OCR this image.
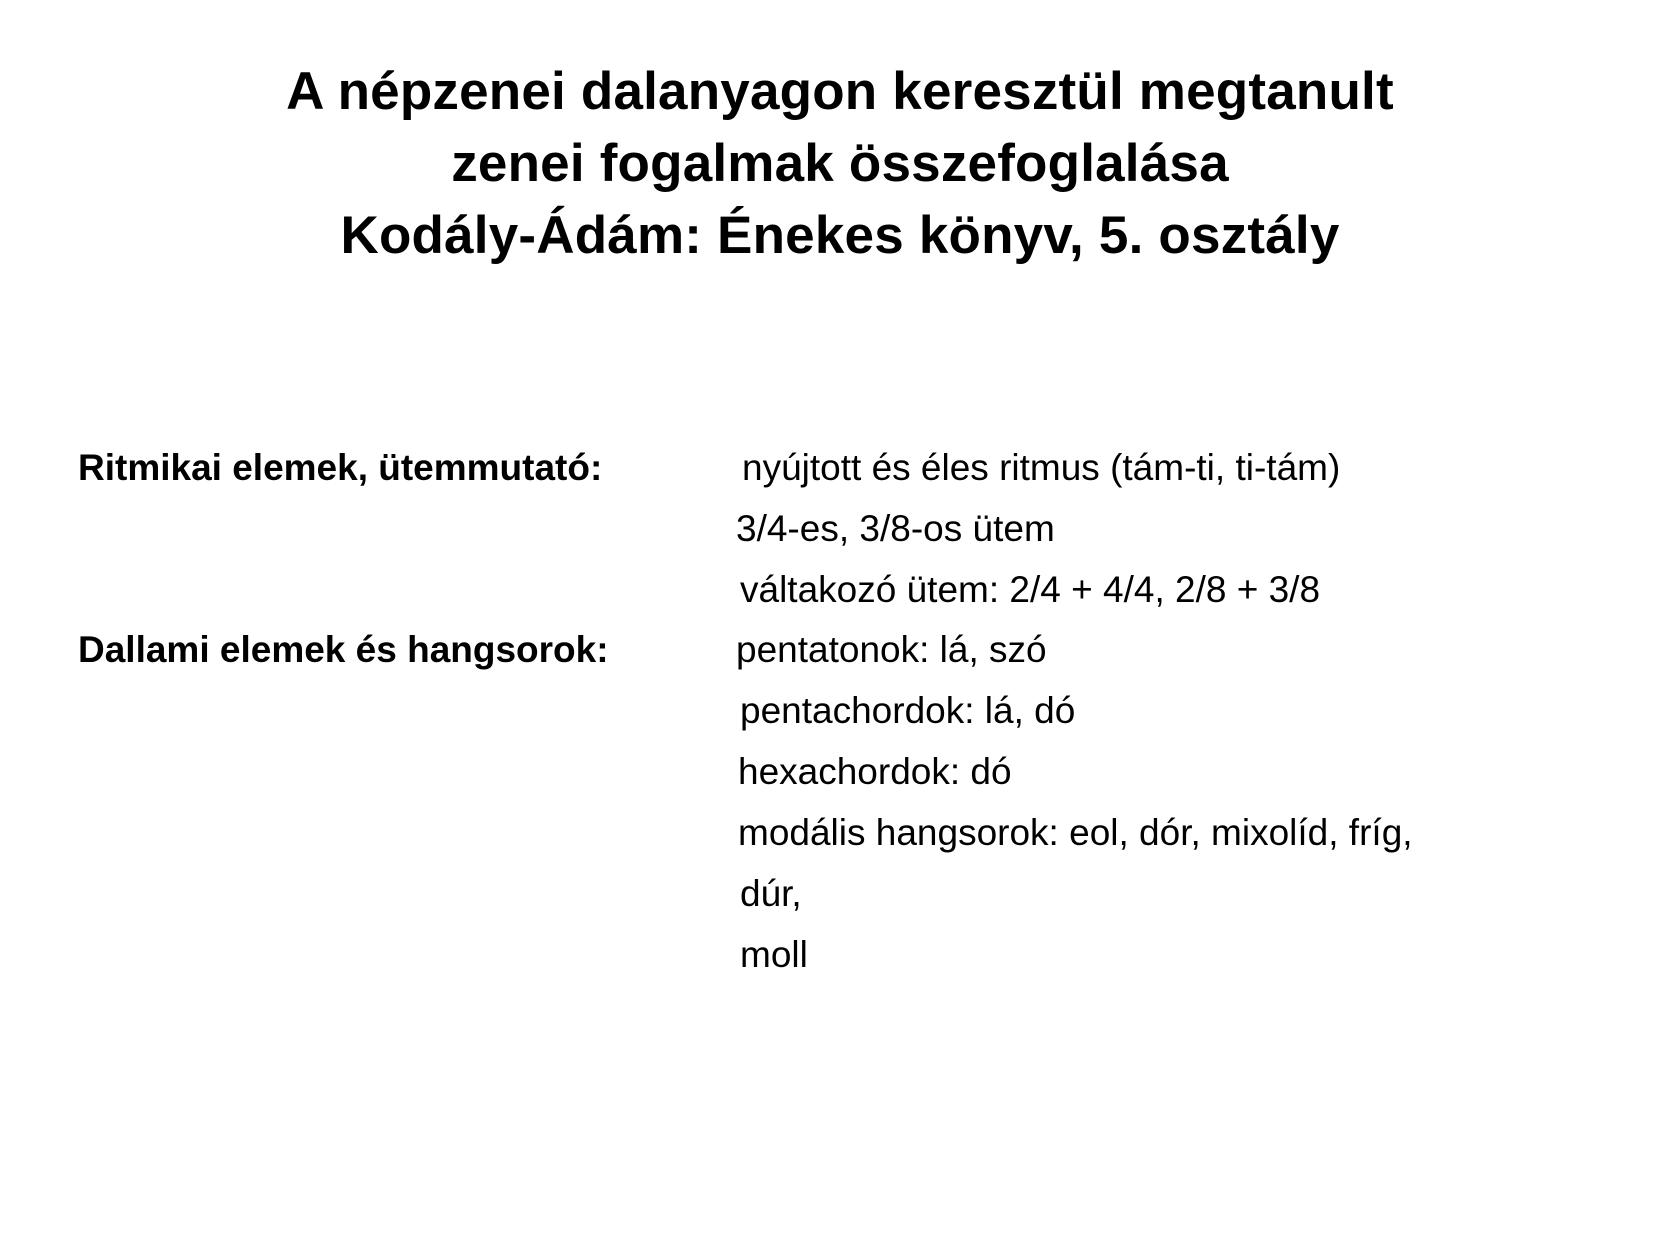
A népzenei dalanyagon keresztül megtanult
zenei fogalmak összefoglalása
Kodály-Ádám: Énekes könyv, 5. osztály
Ritmikai elemek, ütemmutató:	nyújtott és éles ritmus (tám-ti, ti-tám)
3/4-es, 3/8-os ütem
váltakozó ütem: 2/4 + 4/4, 2/8 + 3/8
Dallami elemek és hangsorok:	pentatonok: lá, szó
pentachordok: lá, dó
hexachordok: dó
modális hangsorok: eol, dór, mixolíd, fríg,
dúr,
moll
